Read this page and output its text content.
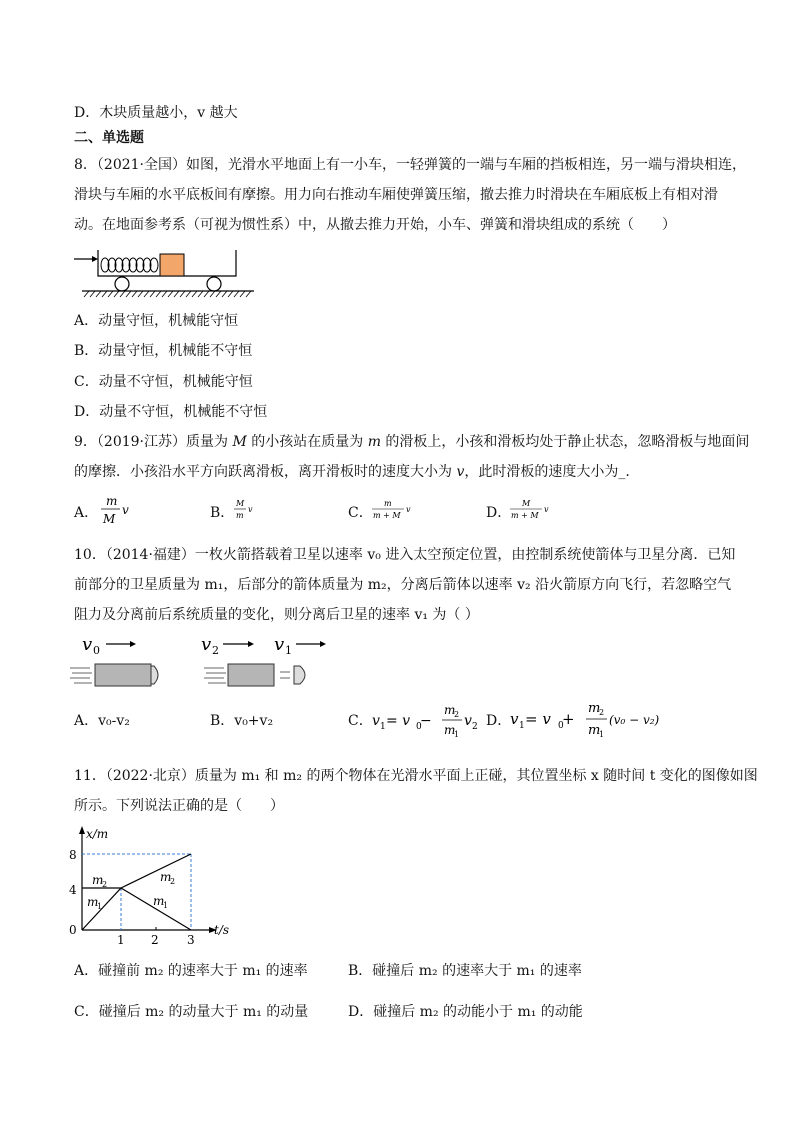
D．木块质量越小，v 越大
二、单选题
8．（2021·全国）如图，光滑水平地面上有一小车，一轻弹簧的一端与车厢的挡板相连，另一端与滑块相连，
滑块与车厢的水平底板间有摩擦。用力向右推动车厢使弹簧压缩，撤去推力时滑块在车厢底板上有相对滑
动。在地面参考系（可视为惯性系）中，从撤去推力开始，小车、弹簧和滑块组成的系统（　　）
A．动量守恒，机械能守恒
B．动量守恒，机械能不守恒
C．动量不守恒，机械能守恒
D．动量不守恒，机械能不守恒
9．（2019·江苏）质量为 M 的小孩站在质量为 m 的滑板上，小孩和滑板均处于静止状态，忽略滑板与地面间
的摩擦．小孩沿水平方向跃离滑板，离开滑板时的速度大小为 v，此时滑板的速度大小为_.
A．
m
M
v	B．
M
m
v	C．
m
m + M
v	D．
M
m + M
v
10．（2014·福建）一枚火箭搭载着卫星以速率 v₀ 进入太空预定位置，由控制系统使箭体与卫星分离．已知
前部分的卫星质量为 m₁，后部分的箭体质量为 m₂，分离后箭体以速率 v₂ 沿火箭原方向飞行，若忽略空气
阻力及分离前后系统质量的变化，则分离后卫星的速率 v₁ 为（ ）
v 0	v 2	v 1
A．v₀-v₂	B．v₀+v₂	C． v 1 = v 0
−
m
2
m
1
v 2 D．
v 1 = v 0
+
m
2
m
1
(v₀ − v₂)
11．（2022·北京）质量为 m₁ 和 m₂ 的两个物体在光滑水平面上正碰，其位置坐标 x 随时间 t 变化的图像如图
所示。下列说法正确的是（　　）
x/m
t/s
8
4
0
1 2 3
m
2
m
1
m
2
m
1
A．碰撞前 m₂ 的速率大于 m₁ 的速率	B．碰撞后 m₂ 的速率大于 m₁ 的速率
C．碰撞后 m₂ 的动量大于 m₁ 的动量	D．碰撞后 m₂ 的动能小于 m₁ 的动能
